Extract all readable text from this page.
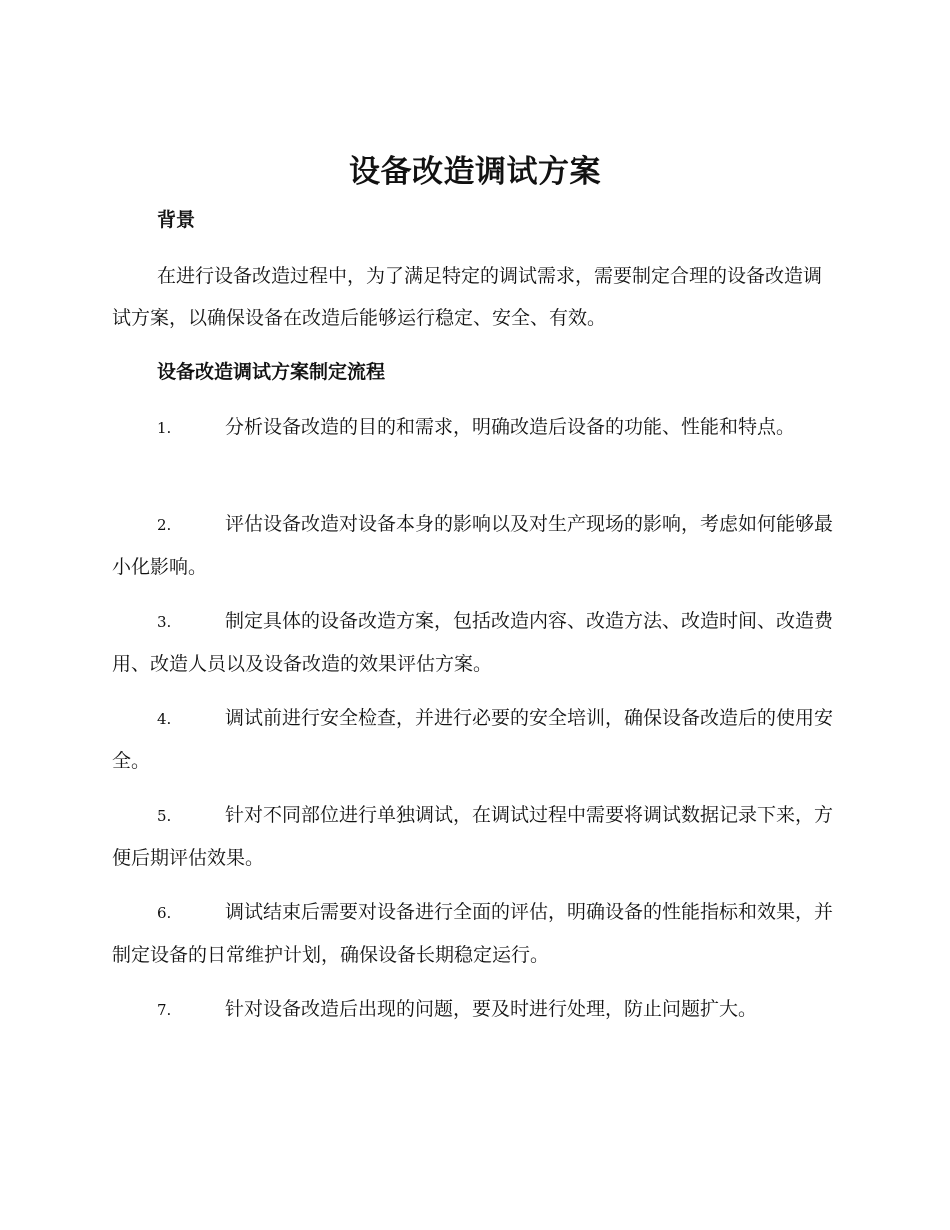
设备改造调试方案
背景

在进行设备改造过程中，为了满足特定的调试需求，需要制定合理的设备改造调试方案，以确保设备在改造后能够运行稳定、安全、有效。

设备改造调试方案制定流程

1.	分析设备改造的目的和需求，明确改造后设备的功能、性能和特点。

2.	评估设备改造对设备本身的影响以及对生产现场的影响，考虑如何能够最小化影响。

3.	制定具体的设备改造方案，包括改造内容、改造方法、改造时间、改造费用、改造人员以及设备改造的效果评估方案。

4.	调试前进行安全检查，并进行必要的安全培训，确保设备改造后的使用安全。

5.	针对不同部位进行单独调试，在调试过程中需要将调试数据记录下来，方便后期评估效果。

6.	调试结束后需要对设备进行全面的评估，明确设备的性能指标和效果，并制定设备的日常维护计划，确保设备长期稳定运行。

7.	针对设备改造后出现的问题，要及时进行处理，防止问题扩大。
